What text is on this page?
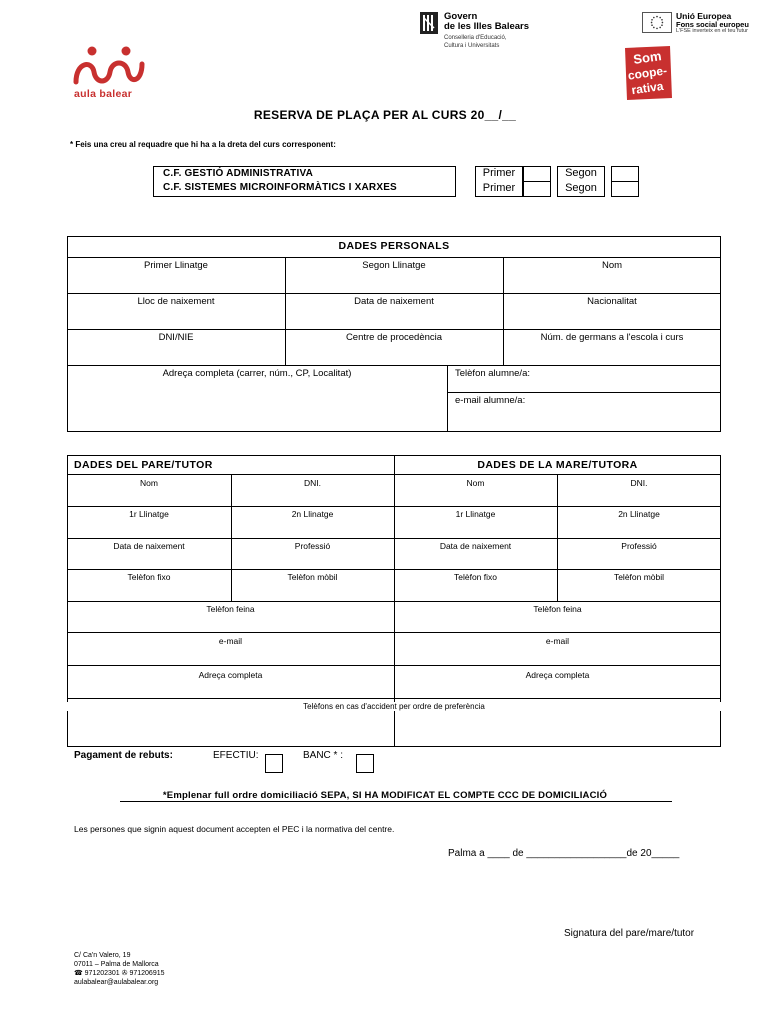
aula balear
Govern
de les Illes Balears
Conselleria d'Educació,
Cultura i Universitats
Unió Europea
Fons social europeu
L'FSE inverteix en el teu futur
Som
coope-
rativa
RESERVA DE PLAÇA PER AL CURS 20__/__
* Feis una creu al requadre que hi ha a la dreta del curs corresponent:
C.F. GESTIÓ ADMINISTRATIVA
C.F. SISTEMES MICROINFORMÀTICS I XARXES
Primer
Primer
Segon
Segon
DADES PERSONALS
Primer Llinatge	Segon Llinatge	Nom
Lloc de naixement	Data de naixement	Nacionalitat
DNI/NIE	Centre de procedència	Núm. de germans a l'escola i curs
Adreça completa (carrer, núm., CP, Localitat)	Telèfon alumne/a:
e-mail alumne/a:
DADES DEL PARE/TUTOR	DADES DE LA MARE/TUTORA
Nom	DNI.	Nom	DNI.
1r Llinatge	2n Llinatge	1r Llinatge	2n Llinatge
Data de naixement	Professió	Data de naixement	Professió
Telèfon fixo	Telèfon mòbil	Telèfon fixo	Telèfon mòbil
Telèfon feina	Telèfon feina
e-mail	e-mail
Adreça completa	Adreça completa
Telèfons en cas d'accident per ordre de preferència
Pagament de rebuts:	EFECTIU:	BANC * :
*Emplenar full ordre domiciliació SEPA, SI HA MODIFICAT EL COMPTE CCC DE DOMICILIACIÓ
Les persones que signin aquest document accepten el PEC i la normativa del centre.
Palma a ____ de __________________de 20_____
Signatura del pare/mare/tutor
C/ Ca'n Valero, 19
07011 – Palma de Mallorca
☎ 971202301 ✇ 971206915
aulabalear@aulabalear.org
